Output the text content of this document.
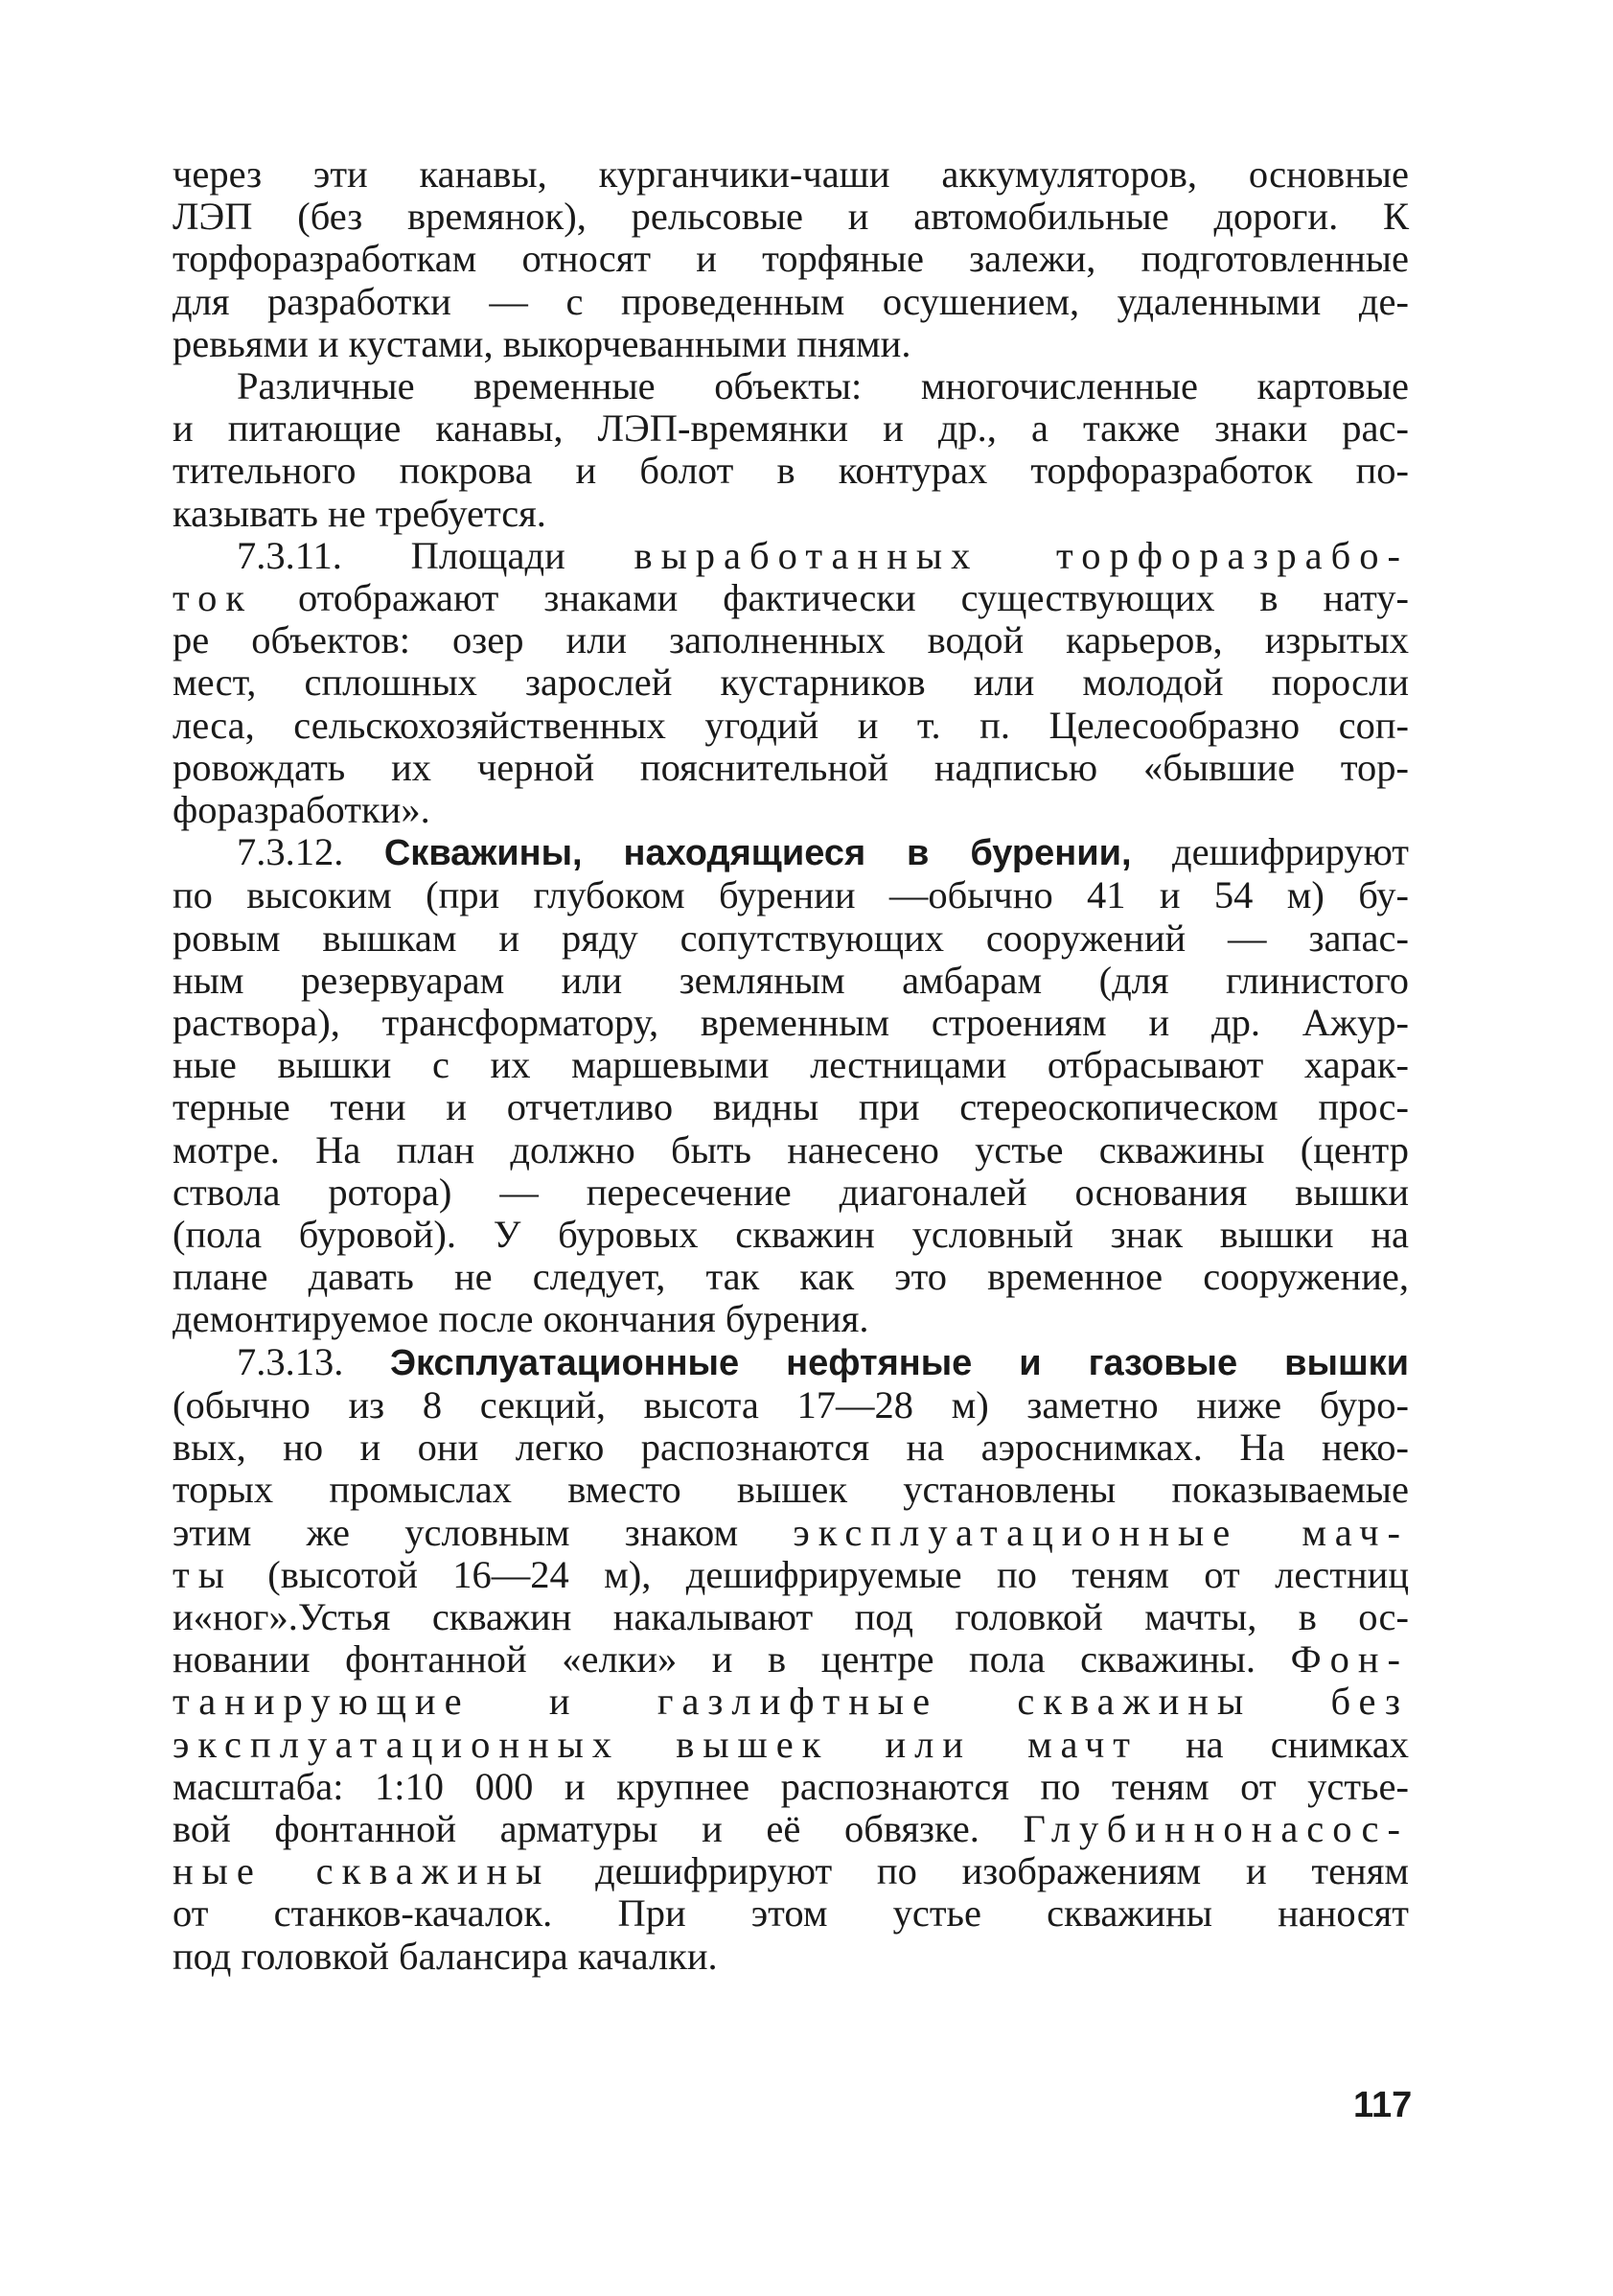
через эти канавы, курганчики-чаши аккумуляторов, основные
ЛЭП (без времянок), рельсовые и автомобильные дороги. К
торфоразработкам относят и торфяные залежи, подготовленные
для разработки — с проведенным осушением, удаленными де-
ревьями и кустами, выкорчеванными пнями.
Различные временные объекты: многочисленные картовые
и питающие канавы, ЛЭП-времянки и др., а также знаки рас-
тительного покрова и болот в контурах торфоразработок по-
казывать не требуется.
7.3.11. Площади выработанных торфоразрабо-
ток отображают знаками фактически существующих в нату-
ре объектов: озер или заполненных водой карьеров, изрытых
мест, сплошных зарослей кустарников или молодой поросли
леса, сельскохозяйственных угодий и т. п. Целесообразно соп-
ровождать их черной пояснительной надписью «бывшие тор-
форазработки».
7.3.12. Скважины, находящиеся в бурении, дешифрируют
по высоким (при глубоком бурении —обычно 41 и 54 м) бу-
ровым вышкам и ряду сопутствующих сооружений — запас-
ным резервуарам или земляным амбарам (для глинистого
раствора), трансформатору, временным строениям и др. Ажур-
ные вышки с их маршевыми лестницами отбрасывают харак-
терные тени и отчетливо видны при стереоскопическом прос-
мотре. На план должно быть нанесено устье скважины (центр
ствола ротора) — пересечение диагоналей основания вышки
(пола буровой). У буровых скважин условный знак вышки на
плане давать не следует, так как это временное сооружение,
демонтируемое после окончания бурения.
7.3.13. Эксплуатационные нефтяные и газовые вышки
(обычно из 8 секций, высота 17—28 м) заметно ниже буро-
вых, но и они легко распознаются на аэроснимках. На неко-
торых промыслах вместо вышек установлены показываемые
этим же условным знаком эксплуатационные мач-
ты (высотой 16—24 м), дешифрируемые по теням от лестниц
и«ног».Устья скважин накалывают под головкой мачты, в ос-
новании фонтанной «елки» и в центре пола скважины. Фон-
танирующие и газлифтные скважины без
эксплуатационных вышек или мачт на снимках
масштаба: 1:10 000 и крупнее распознаются по теням от устье-
вой фонтанной арматуры и её обвязке. Глубиннонасос-
ные скважины дешифрируют по изображениям и теням
от станков-качалок. При этом устье скважины наносят
под головкой балансира качалки.
117
